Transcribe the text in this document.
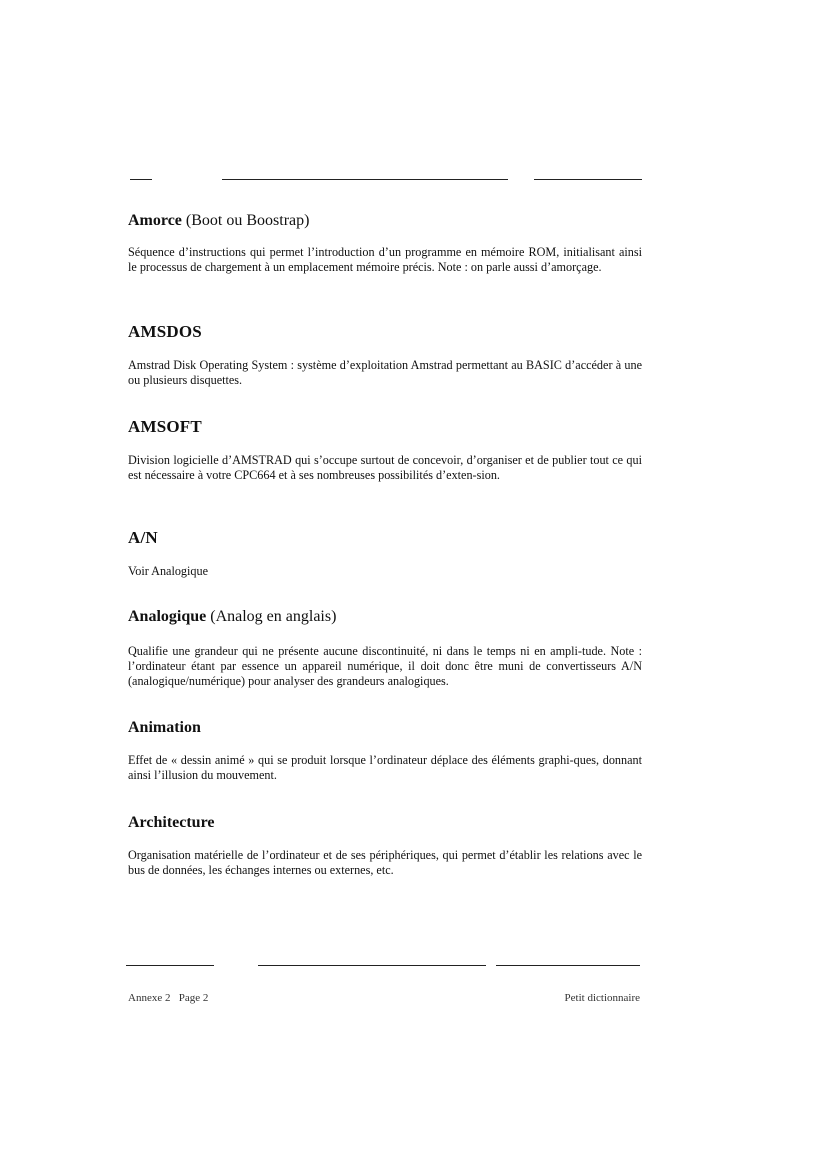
Amorce (Boot ou Boostrap)

Séquence d’instructions qui permet l’introduction d’un programme en mémoire ROM, initialisant ainsi le processus de chargement à un emplacement mémoire précis. Note : on parle aussi d’amorçage.

AMSDOS

Amstrad Disk Operating System : système d’exploitation Amstrad permettant au BASIC d’accéder à une ou plusieurs disquettes.

AMSOFT

Division logicielle d’AMSTRAD qui s’occupe surtout de concevoir, d’organiser et de publier tout ce qui est nécessaire à votre CPC664 et à ses nombreuses possibilités d’exten-sion.

A/N

Voir Analogique

Analogique (Analog en anglais)

Qualifie une grandeur qui ne présente aucune discontinuité, ni dans le temps ni en ampli-tude. Note : l’ordinateur étant par essence un appareil numérique, il doit donc être muni de convertisseurs A/N (analogique/numérique) pour analyser des grandeurs analogiques.

Animation

Effet de « dessin animé » qui se produit lorsque l’ordinateur déplace des éléments graphi-ques, donnant ainsi l’illusion du mouvement.

Architecture

Organisation matérielle de l’ordinateur et de ses périphériques, qui permet d’établir les relations avec le bus de données, les échanges internes ou externes, etc.

Annexe 2   Page 2	Petit dictionnaire
